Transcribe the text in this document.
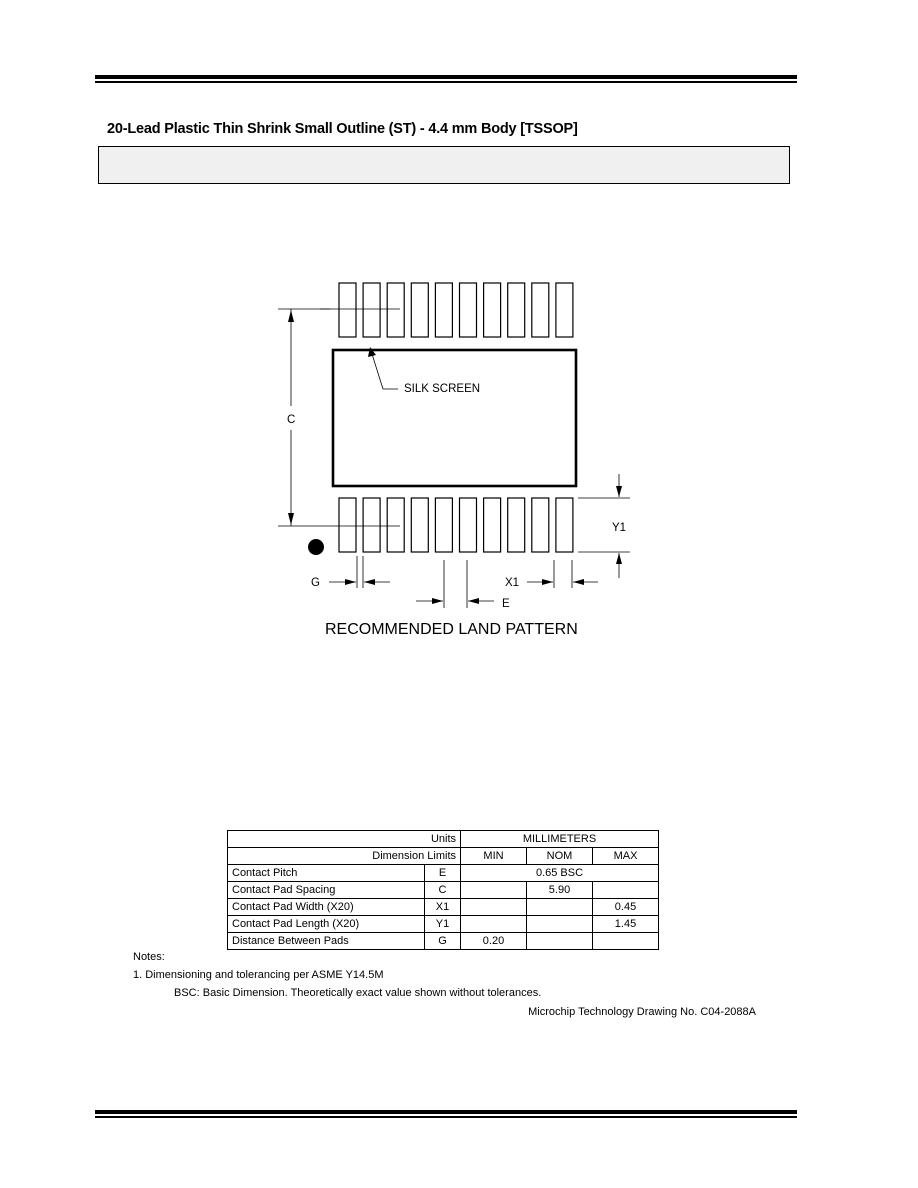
20-Lead Plastic Thin Shrink Small Outline (ST) - 4.4 mm Body [TSSOP]
SILK SCREEN
C
Y1
G
E
X1
RECOMMENDED LAND PATTERN
Units		MILLIMETERS		
Dimension Limits		MIN	NOM	MAX
Contact Pitch	E	0.65 BSC		
Contact Pad Spacing	C		5.90	
Contact Pad Width (X20)	X1			0.45
Contact Pad Length (X20)	Y1			1.45
Distance Between Pads	G	0.20		
Notes:
1. Dimensioning and tolerancing per ASME Y14.5M
BSC: Basic Dimension. Theoretically exact value shown without tolerances.
Microchip Technology Drawing No. C04-2088A
